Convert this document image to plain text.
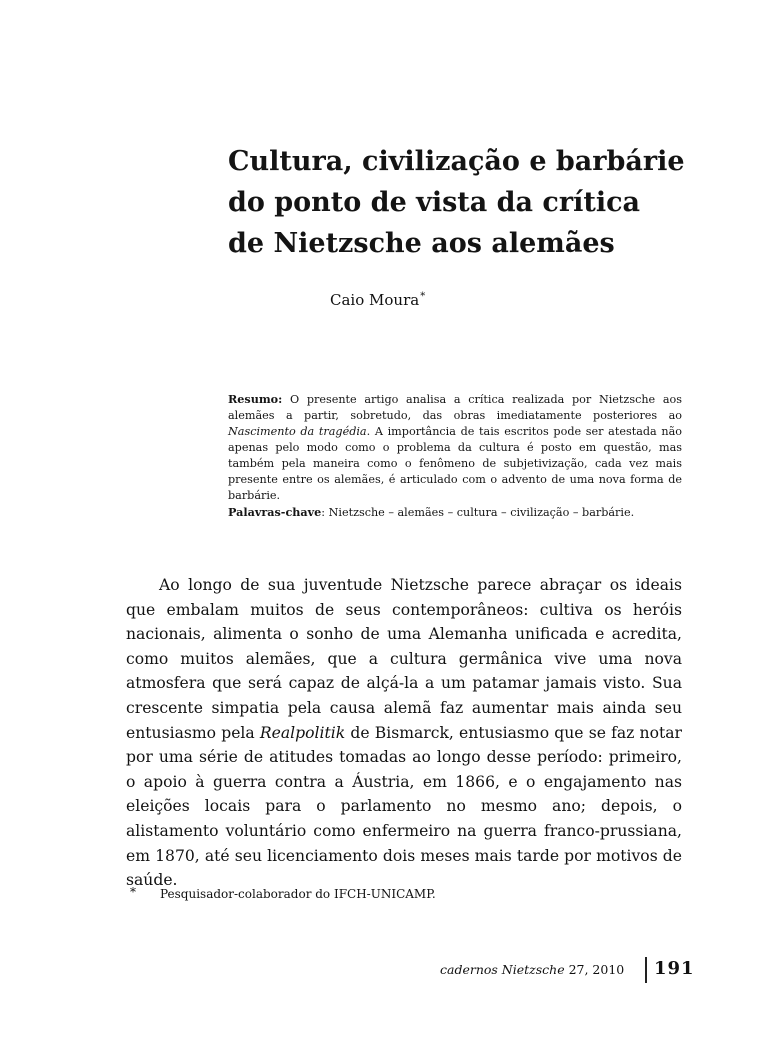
Cultura, civilização e barbárie
do ponto de vista da crítica
de Nietzsche aos alemães
Caio Moura*

Resumo: O presente artigo analisa a crítica realizada por Nietzsche aos alemães a partir, sobretudo, das obras imediatamente posteriores ao Nascimento da tragédia. A importância de tais escritos pode ser atestada não apenas pelo modo como o problema da cultura é posto em questão, mas também pela maneira como o fenômeno de subjetivização, cada vez mais presente entre os alemães, é articulado com o advento de uma nova forma de barbárie.

Palavras-chave: Nietzsche – alemães – cultura – civilização – barbárie.

Ao longo de sua juventude Nietzsche parece abraçar os ideais que embalam muitos de seus contemporâneos: cultiva os heróis nacionais, alimenta o sonho de uma Alemanha unificada e acredita, como muitos alemães, que a cultura germânica vive uma nova atmosfera que será capaz de alçá-la a um patamar jamais visto. Sua crescente simpatia pela causa alemã faz aumentar mais ainda seu entusiasmo pela Realpolitik de Bismarck, entusiasmo que se faz notar por uma série de atitudes tomadas ao longo desse período: primeiro, o apoio à guerra contra a Áustria, em 1866, e o engajamento nas eleições locais para o parlamento no mesmo ano; depois, o alistamento voluntário como enfermeiro na guerra franco-prussiana, em 1870, até seu licenciamento dois meses mais tarde por motivos de saúde.

* Pesquisador-colaborador do IFCH-UNICAMP.
cadernos Nietzsche 27, 2010 191
